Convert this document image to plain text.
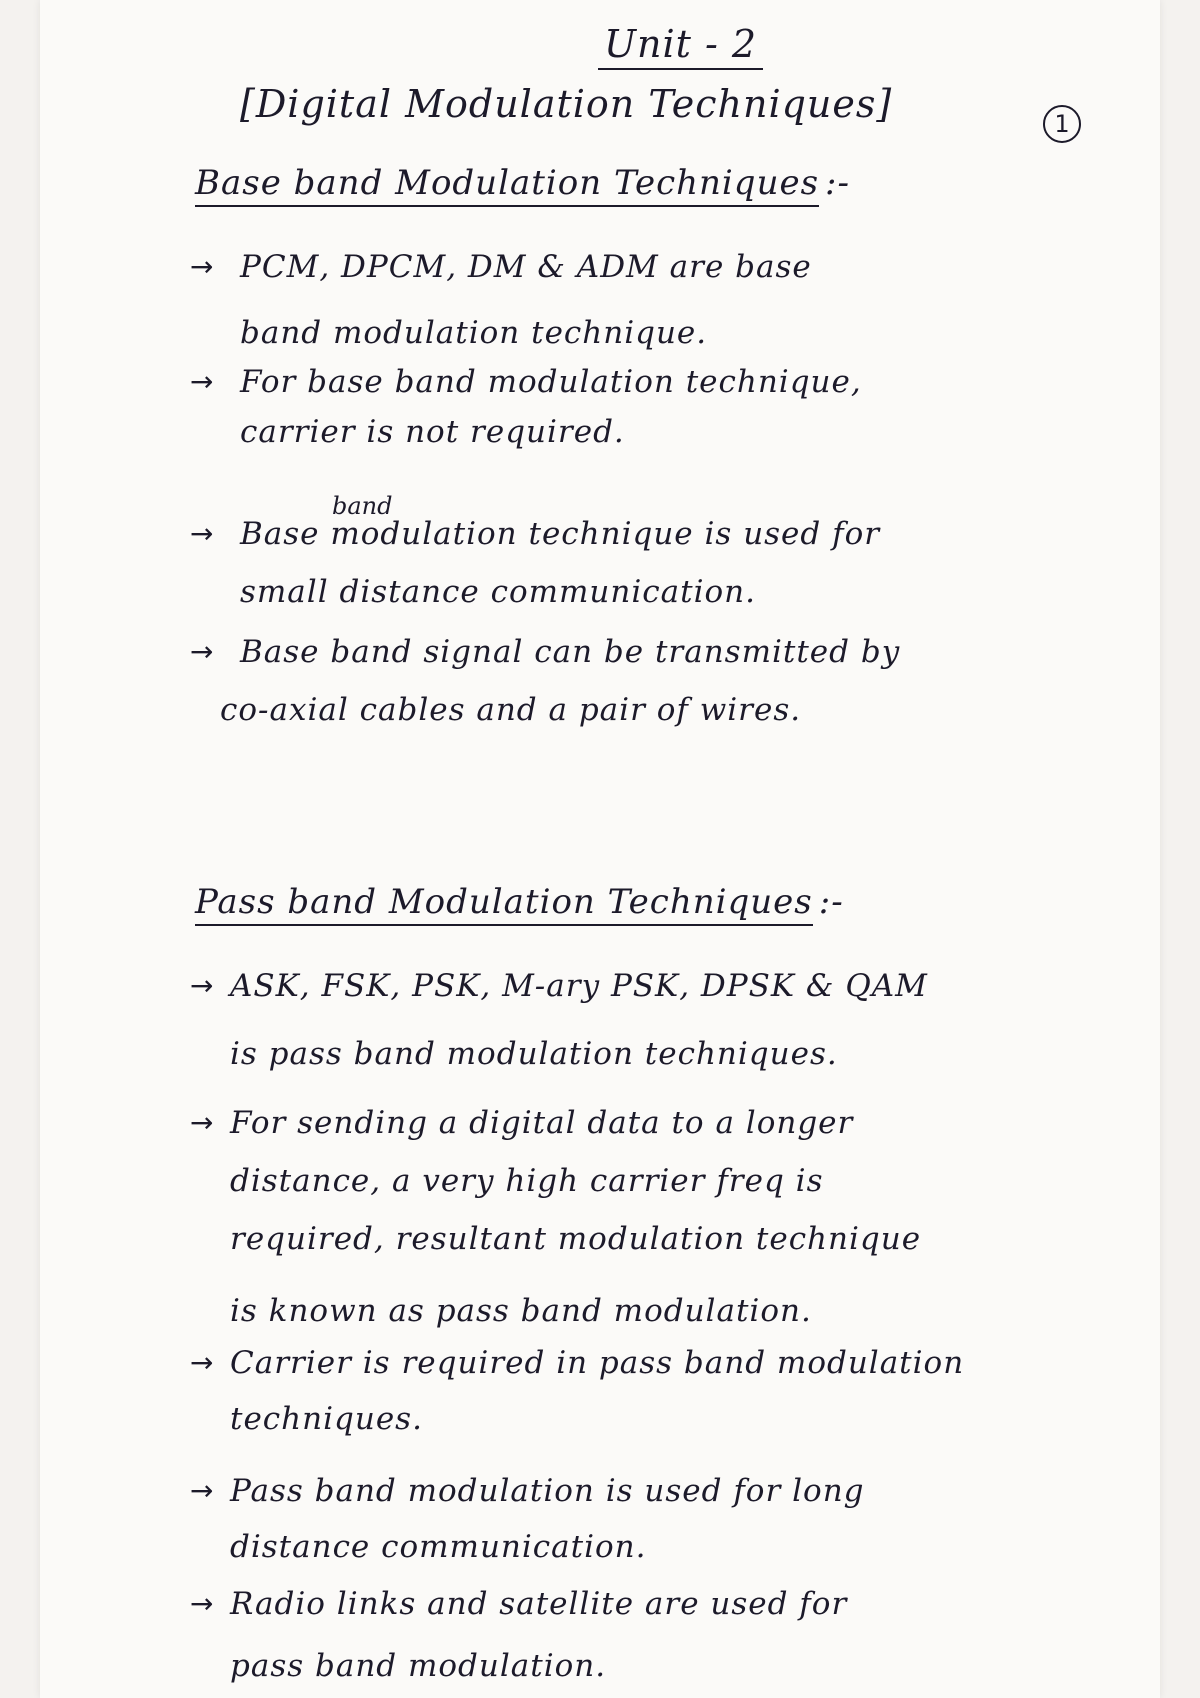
Unit - 2
[Digital Modulation Techniques]	1
Base band Modulation Techniques :-
→ PCM, DPCM, DM & ADM are base
band modulation technique.
→ For base band modulation technique,
carrier is not required.
band
→ Base modulation technique is used for
small distance communication.
→ Base band signal can be transmitted by
co-axial cables and a pair of wires.
Pass band Modulation Techniques :-
→ ASK, FSK, PSK, M-ary PSK, DPSK & QAM
is pass band modulation techniques.
→ For sending a digital data to a longer
distance, a very high carrier freq is
required, resultant modulation technique
is known as pass band modulation.
→ Carrier is required in pass band modulation
techniques.
→ Pass band modulation is used for long
distance communication.
→ Radio links and satellite are used for
pass band modulation.
